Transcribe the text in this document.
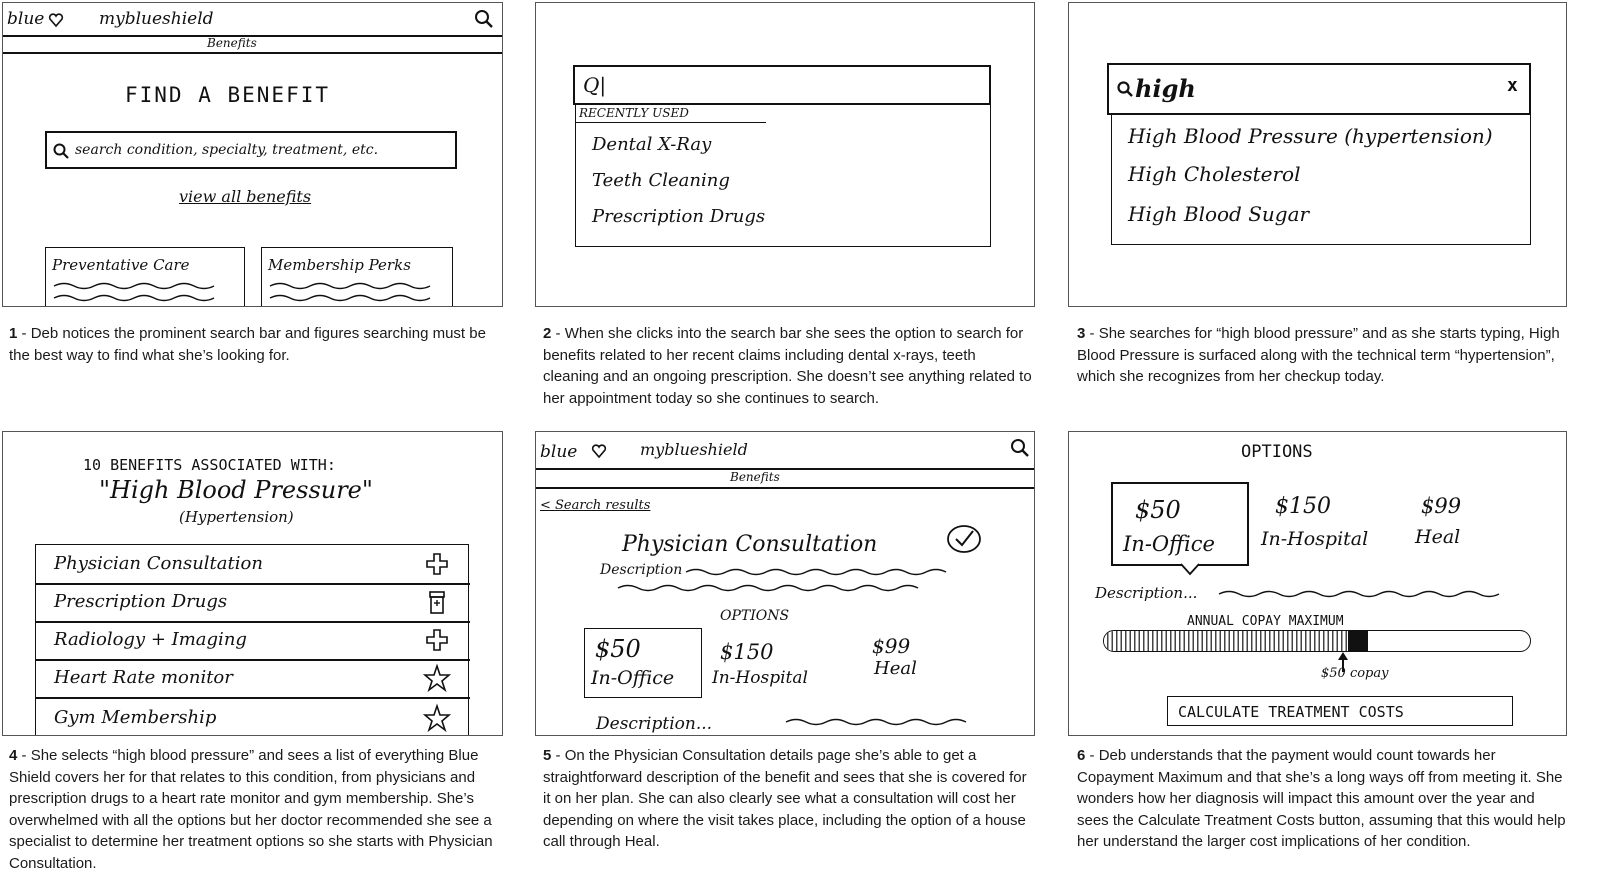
blue	myblueshield
Benefits
FIND A BENEFIT
search condition, specialty, treatment, etc.
view all benefits
Preventative Care	Membership Perks
Q|
RECENTLY USED
Dental X-Ray
Teeth Cleaning
Prescription Drugs
high	x
High Blood Pressure (hypertension)
High Cholesterol
High Blood Sugar
10 BENEFITS ASSOCIATED WITH:
"High Blood Pressure"
(Hypertension)
Physician Consultation
Prescription Drugs
Radiology + Imaging
Heart Rate monitor
Gym Membership
blue	myblueshield
Benefits
< Search results
Physician Consultation
Description
OPTIONS
$50
In-Office
$150
In-Hospital
$99
Heal
Description...
OPTIONS
$50
In-Office
$150
In-Hospital
$99
Heal
Description...
ANNUAL COPAY MAXIMUM
$50 copay
CALCULATE TREATMENT COSTS
1 - Deb notices the prominent search bar and figures searching must be the best way to find what she’s looking for.
2 - When she clicks into the search bar she sees the option to search for benefits related to her recent claims including dental x-rays, teeth cleaning and an ongoing prescription. She doesn’t see anything related to her appointment today so she continues to search.
3 - She searches for “high blood pressure” and as she starts typing, High Blood Pressure is surfaced along with the technical term “hypertension”, which she recognizes from her checkup today.
4 - She selects “high blood pressure” and sees a list of everything Blue Shield covers her for that relates to this condition, from physicians and prescription drugs to a heart rate monitor and gym membership. She’s overwhelmed with all the options but her doctor recommended she see a specialist to determine her treatment options so she starts with Physician Consultation.
5 - On the Physician Consultation details page she’s able to get a straightforward description of the benefit and sees that she is covered for it on her plan. She can also clearly see what a consultation will cost her depending on where the visit takes place, including the option of a house call through Heal.
6 - Deb understands that the payment would count towards her Copayment Maximum and that she’s a long ways off from meeting it. She wonders how her diagnosis will impact this amount over the year and sees the Calculate Treatment Costs button, assuming that this would help her understand the larger cost implications of her condition.
